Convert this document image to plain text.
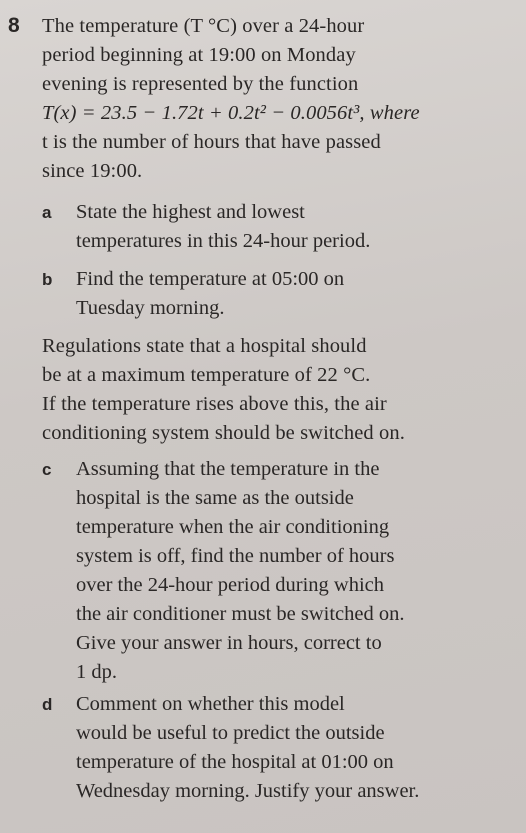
8 The temperature (T °C) over a 24-hour
period beginning at 19:00 on Monday
evening is represented by the function
T(x) = 23.5 − 1.72t + 0.2t² − 0.0056t³, where
t is the number of hours that have passed
since 19:00.
a State the highest and lowest
temperatures in this 24-hour period.
b Find the temperature at 05:00 on
Tuesday morning.
Regulations state that a hospital should
be at a maximum temperature of 22 °C.
If the temperature rises above this, the air
conditioning system should be switched on.
c Assuming that the temperature in the
hospital is the same as the outside
temperature when the air conditioning
system is off, find the number of hours
over the 24-hour period during which
the air conditioner must be switched on.
Give your answer in hours, correct to
1 dp.
d Comment on whether this model
would be useful to predict the outside
temperature of the hospital at 01:00 on
Wednesday morning. Justify your answer.
